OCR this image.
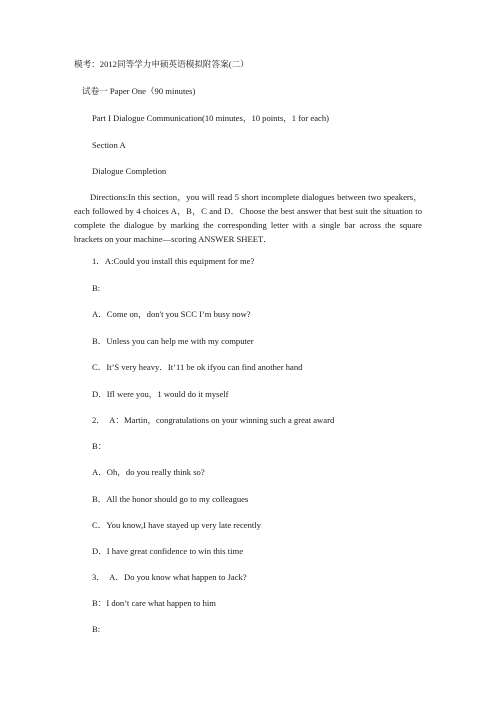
模考：2012同等学力申硕英语模拟附答案(二）
试卷一 Paper One（90 minutes)
Part I Dialogue Communication(10 minutes，10 points，1 for each)
Section A
Dialogue Completion
Directions:In this section，you will read 5 short incomplete dialogues between two speakers，each followed by 4 choices A，B，C and D．Choose the best answer that best suit the situation to complete the dialogue by marking the corresponding letter with a single bar across the square brackets on your machine—scoring ANSWER SHEET．
1．A:Could you install this equipment for me?
B:
A．Come on，don't you SCC I’m busy now?
B．Unless you can help me with my computer
C．It’S very heavy．It’11 be ok ifyou can find another hand
D．Ifl were you，1 would do it myself
2．　A：Martin，congratulations on your winning such a great award
B：
A．Oh，do you really think so?
B．All the honor should go to my colleagues
C．You know,I have stayed up very late recently
D．I have great confidence to win this time
3．　A．Do you know what happen to Jack?
B：I don’t care what happen to him
B:
